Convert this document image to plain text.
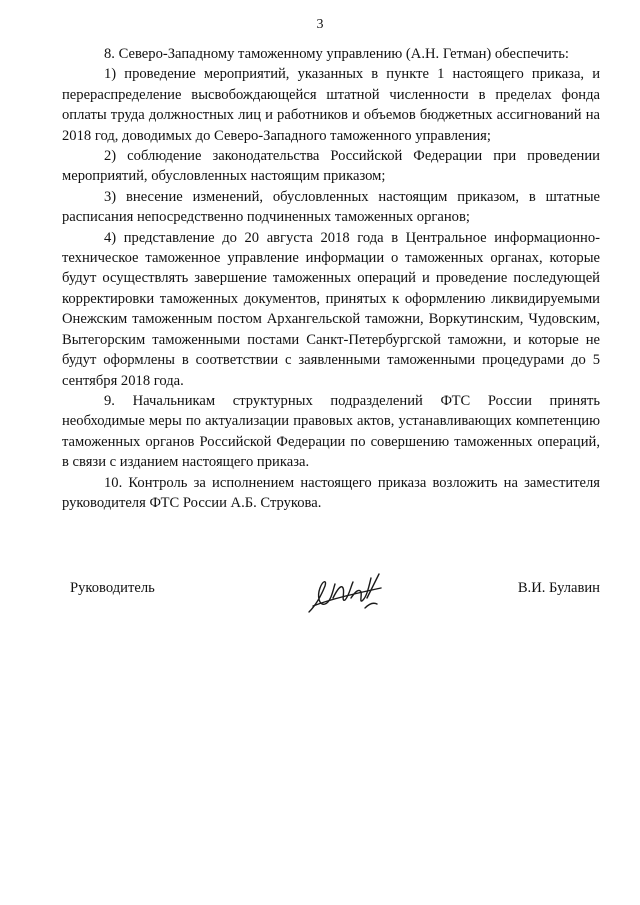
3

8. Северо-Западному таможенному управлению (А.Н. Гетман) обеспечить:

1) проведение мероприятий, указанных в пункте 1 настоящего приказа, и перераспределение высвобождающейся штатной численности в пределах фонда оплаты труда должностных лиц и работников и объемов бюджетных ассигнований на 2018 год, доводимых до Северо-Западного таможенного управления;

2) соблюдение законодательства Российской Федерации при проведении мероприятий, обусловленных настоящим приказом;

3) внесение изменений, обусловленных настоящим приказом, в штатные расписания непосредственно подчиненных таможенных органов;

4) представление до 20 августа 2018 года в Центральное информационно-техническое таможенное управление информации о таможенных органах, которые будут осуществлять завершение таможенных операций и проведение последующей корректировки таможенных документов, принятых к оформлению ликвидируемыми Онежским таможенным постом Архангельской таможни, Воркутинским, Чудовским, Вытегорским таможенными постами Санкт-Петербургской таможни, и которые не будут оформлены в соответствии с заявленными таможенными процедурами до 5 сентября 2018 года.

9. Начальникам структурных подразделений ФТС России принять необходимые меры по актуализации правовых актов, устанавливающих компетенцию таможенных органов Российской Федерации по совершению таможенных операций, в связи с изданием настоящего приказа.

10. Контроль за исполнением настоящего приказа возложить на заместителя руководителя ФТС России А.Б. Струкова.

Руководитель	В.И. Булавин
